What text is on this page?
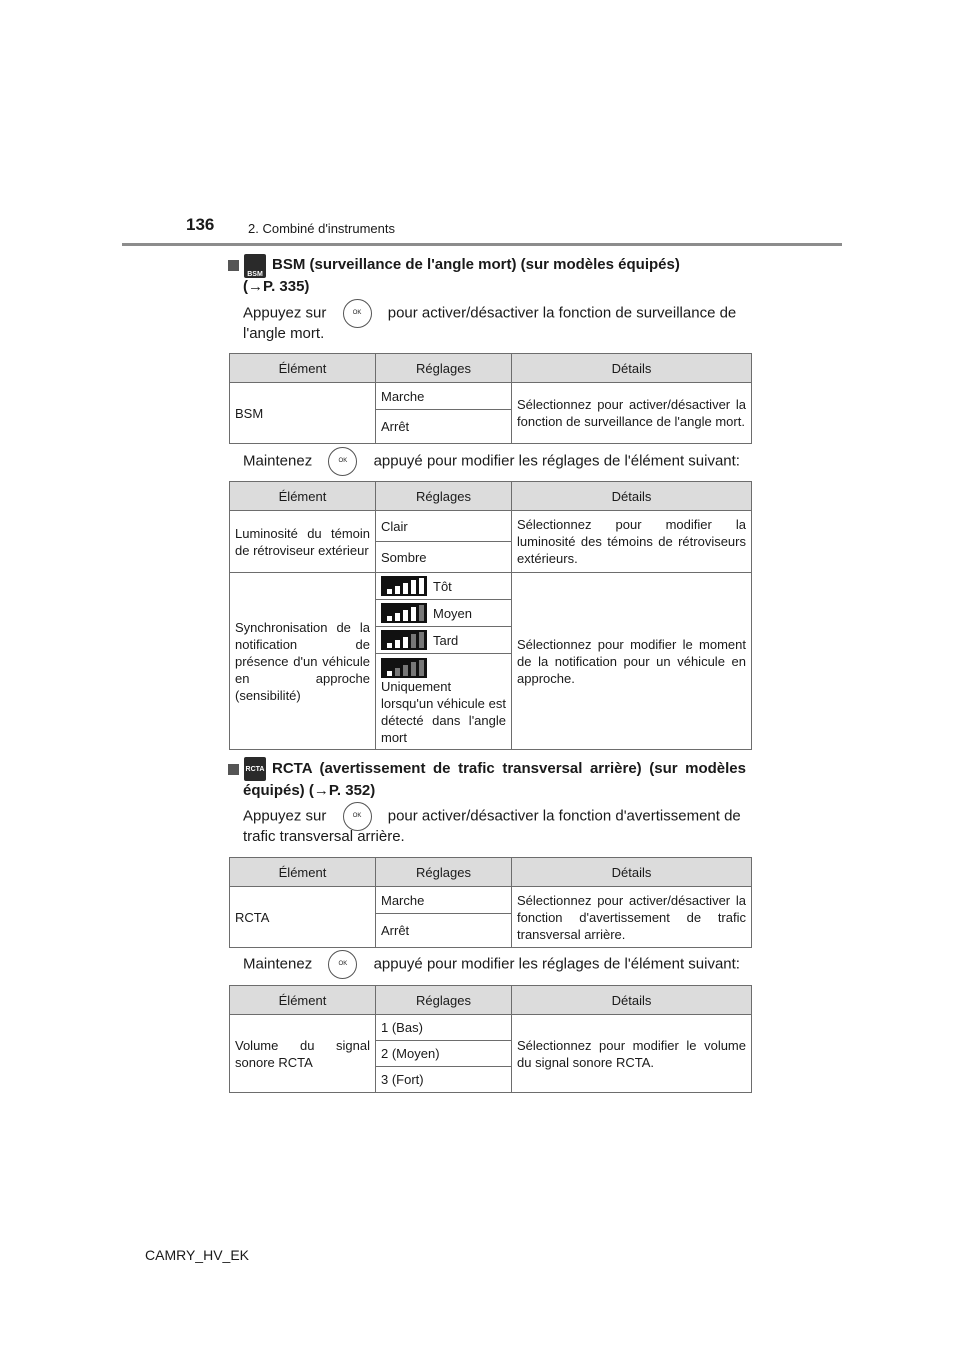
136	2. Combiné d'instruments
BSM
BSM (surveillance de l'angle mort) (sur modèles équipés)
(→P. 335)
Appuyez sur	OK pour activer/désactiver la fonction de surveillance de
l'angle mort.
Élément	Réglages	Détails
BSM	Marche	Sélectionnez pour activer/désactiver la fonction de surveillance de l'angle mort.
	Arrêt	
Maintenez	OK appuyé pour modifier les réglages de l'élément suivant:
Élément	Réglages	Détails
Luminosité du témoin de rétroviseur extérieur	Clair	Sélectionnez pour modifier la luminosité des témoins de rétroviseurs extérieurs.
	Sombre	
Synchronisation de la notification de présence d'un véhicule en approche (sensibilité)	Tôt	Sélectionnez pour modifier le moment de la notification pour un véhicule en approche.

	Moyen	

	Tard	

	Uniquement lorsqu'un véhicule est détecté dans l'angle mort	
RCTA RCTA (avertissement de trafic transversal arrière) (sur modèles
équipés) (→P. 352)
Appuyez sur	OK pour activer/désactiver la fonction d'avertissement de
trafic transversal arrière.
Élément	Réglages	Détails
RCTA	Marche	Sélectionnez pour activer/désactiver la fonction d'avertissement de trafic transversal arrière.
	Arrêt	
Maintenez	OK appuyé pour modifier les réglages de l'élément suivant:
Élément	Réglages	Détails
Volume du signal sonore RCTA	1 (Bas)	Sélectionnez pour modifier le volume du signal sonore RCTA.
	2 (Moyen)	
	3 (Fort)	
CAMRY_HV_EK
